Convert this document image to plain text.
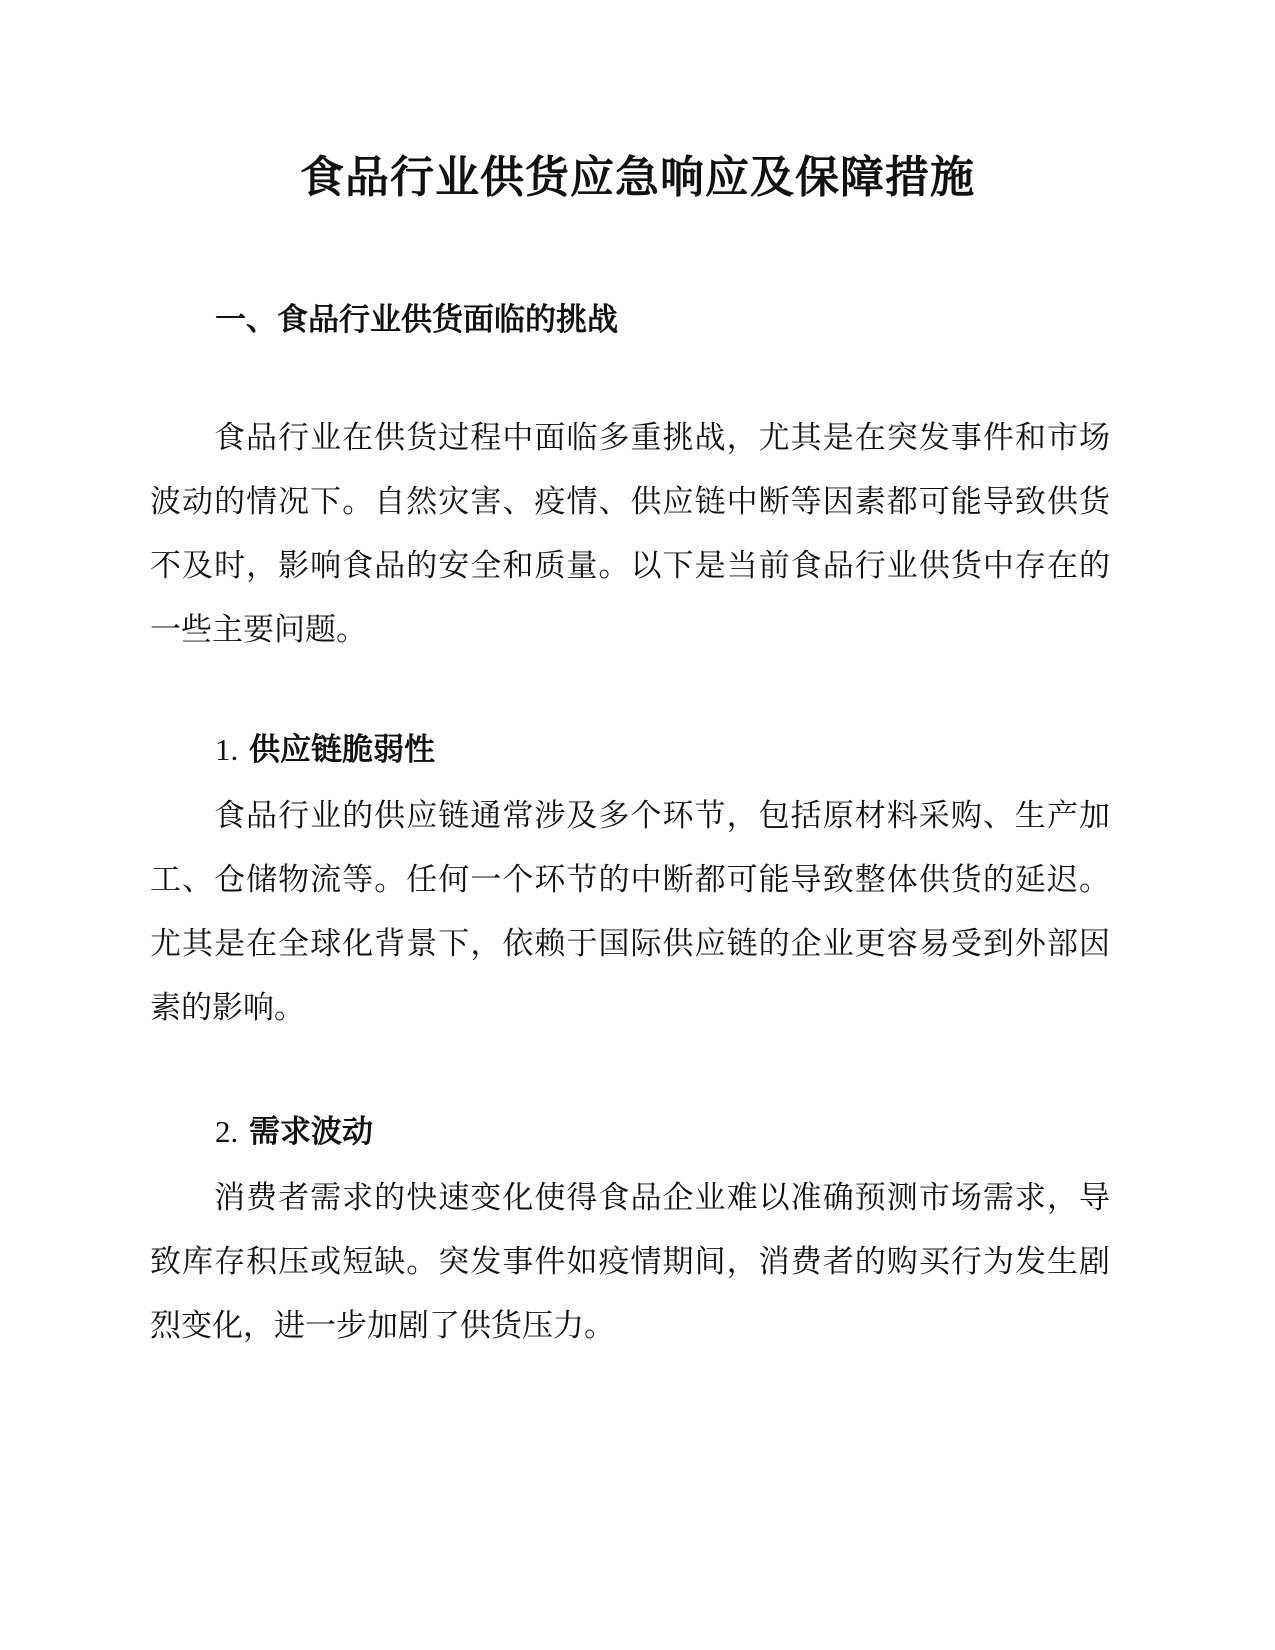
食品行业供货应急响应及保障措施
一、食品行业供货面临的挑战

食品行业在供货过程中面临多重挑战，尤其是在突发事件和市场波动的情况下。自然灾害、疫情、供应链中断等因素都可能导致供货不及时，影响食品的安全和质量。以下是当前食品行业供货中存在的一些主要问题。

1. 供应链脆弱性

食品行业的供应链通常涉及多个环节，包括原材料采购、生产加工、仓储物流等。任何一个环节的中断都可能导致整体供货的延迟。尤其是在全球化背景下，依赖于国际供应链的企业更容易受到外部因素的影响。

2. 需求波动

消费者需求的快速变化使得食品企业难以准确预测市场需求，导致库存积压或短缺。突发事件如疫情期间，消费者的购买行为发生剧烈变化，进一步加剧了供货压力。
